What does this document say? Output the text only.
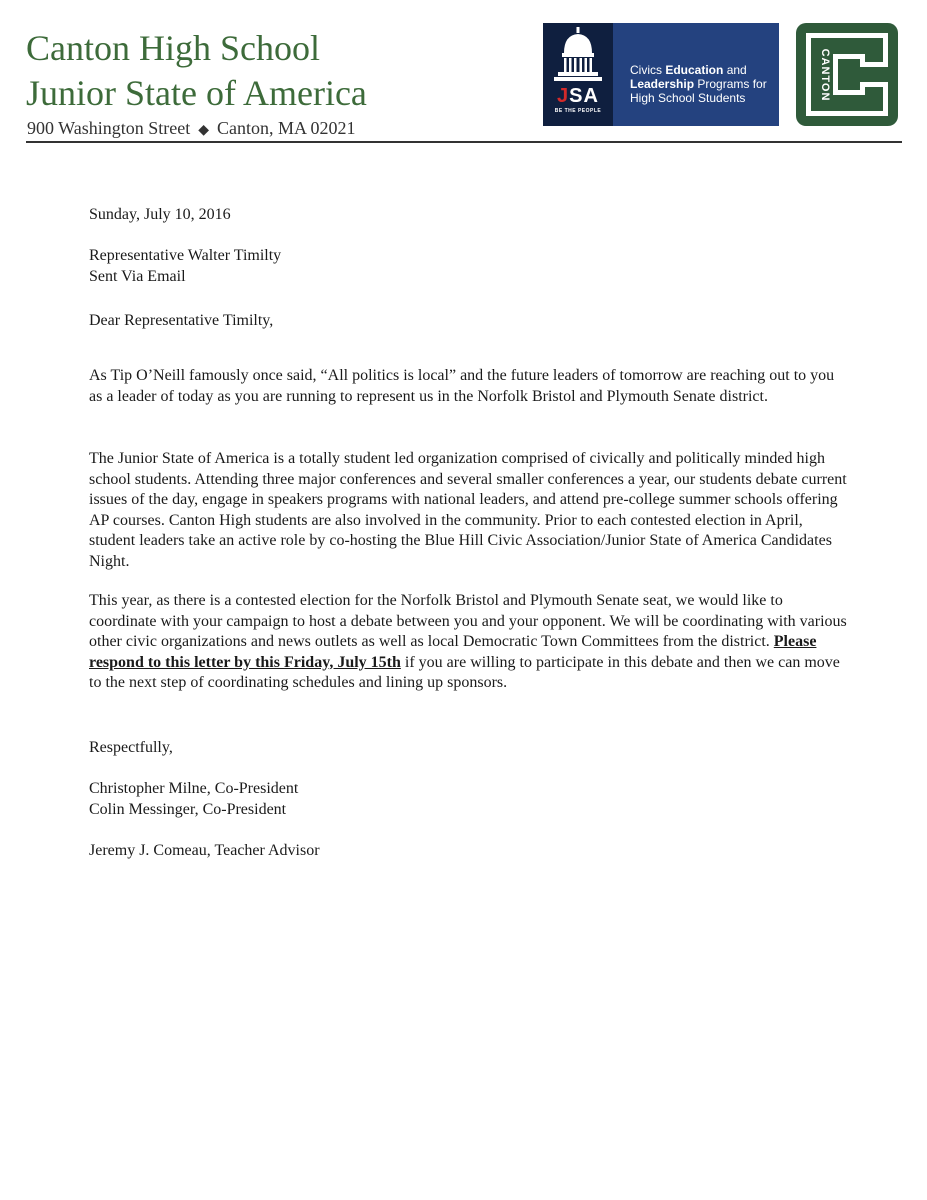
Canton High School
Junior State of America
900 Washington Street ◆ Canton, MA 02021
JSA
BE THE PEOPLE
Civics Education and
Leadership Programs for
High School Students	CANTON
Sunday, July 10, 2016
Representative Walter Timilty
Sent Via Email
Dear Representative Timilty,

As Tip O’Neill famously once said, “All politics is local” and the future leaders of tomorrow are reaching out to you as a leader of today as you are running to represent us in the Norfolk Bristol and Plymouth Senate district.

The Junior State of America is a totally student led organization comprised of civically and politically minded high school students. Attending three major conferences and several smaller conferences a year, our students debate current issues of the day, engage in speakers programs with national leaders, and attend pre-college summer schools offering AP courses. Canton High students are also involved in the community. Prior to each contested election in April, student leaders take an active role by co-hosting the Blue Hill Civic Association/Junior State of America Candidates Night.

This year, as there is a contested election for the Norfolk Bristol and Plymouth Senate seat, we would like to coordinate with your campaign to host a debate between you and your opponent. We will be coordinating with various other civic organizations and news outlets as well as local Democratic Town Committees from the district. Please respond to this letter by this Friday, July 15th if you are willing to participate in this debate and then we can move to the next step of coordinating schedules and lining up sponsors.

Respectfully,
Christopher Milne, Co-President
Colin Messinger, Co-President
Jeremy J. Comeau, Teacher Advisor
